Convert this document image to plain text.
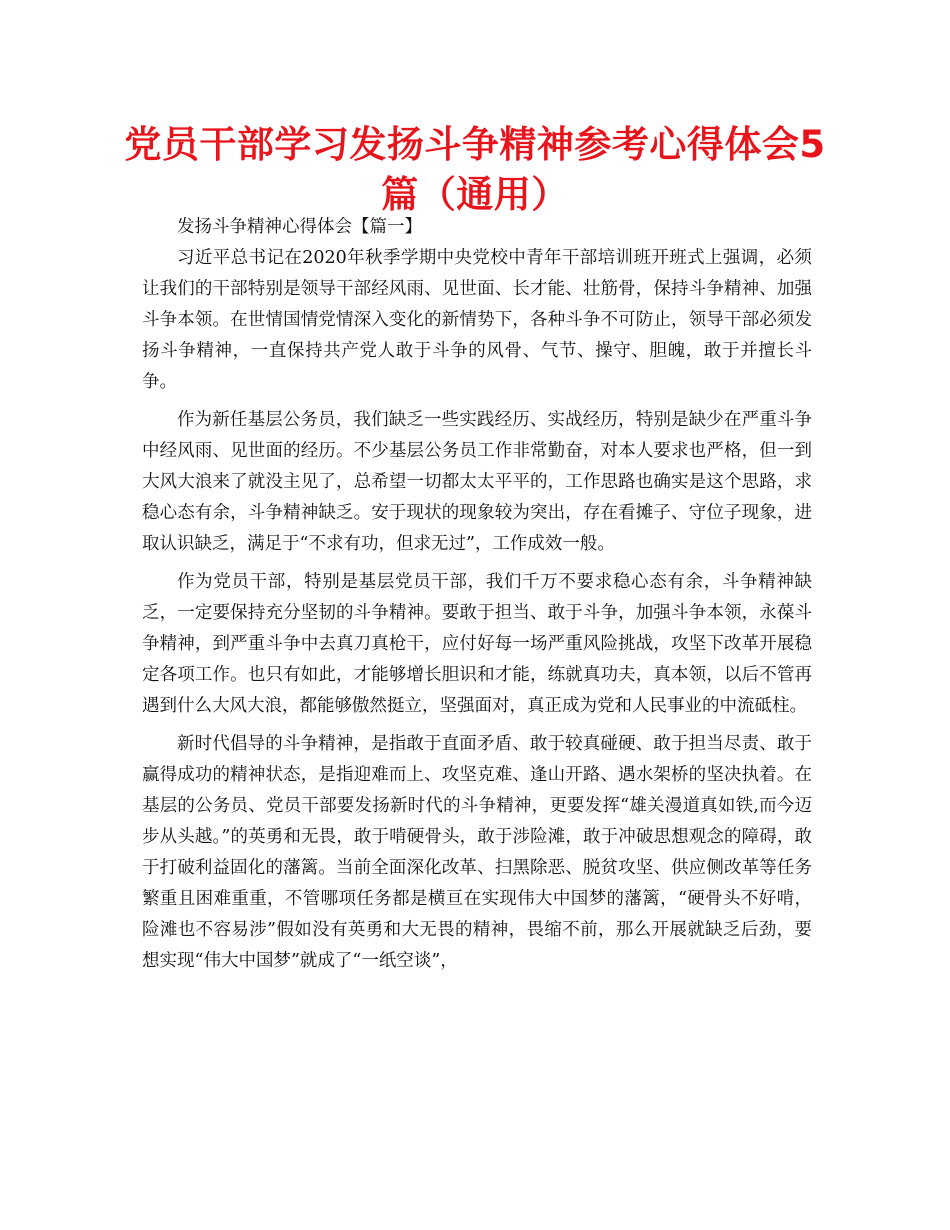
党员干部学习发扬斗争精神参考心得体会5篇（通用）

发扬斗争精神心得体会【篇一】

习近平总书记在2020年秋季学期中央党校中青年干部培训班开班式上强调，必须让我们的干部特别是领导干部经风雨、见世面、长才能、壮筋骨，保持斗争精神、加强斗争本领。在世情国情党情深入变化的新情势下，各种斗争不可防止，领导干部必须发扬斗争精神，一直保持共产党人敢于斗争的风骨、气节、操守、胆魄，敢于并擅长斗争。

作为新任基层公务员，我们缺乏一些实践经历、实战经历，特别是缺少在严重斗争中经风雨、见世面的经历。不少基层公务员工作非常勤奋，对本人要求也严格，但一到大风大浪来了就没主见了，总希望一切都太太平平的，工作思路也确实是这个思路，求稳心态有余，斗争精神缺乏。安于现状的现象较为突出，存在看摊子、守位子现象，进取认识缺乏，满足于“不求有功，但求无过”，工作成效一般。

作为党员干部，特别是基层党员干部，我们千万不要求稳心态有余，斗争精神缺乏，一定要保持充分坚韧的斗争精神。要敢于担当、敢于斗争，加强斗争本领，永葆斗争精神，到严重斗争中去真刀真枪干，应付好每一场严重风险挑战，攻坚下改革开展稳定各项工作。也只有如此，才能够增长胆识和才能，练就真功夫，真本领，以后不管再遇到什么大风大浪，都能够傲然挺立，坚强面对，真正成为党和人民事业的中流砥柱。

新时代倡导的斗争精神，是指敢于直面矛盾、敢于较真碰硬、敢于担当尽责、敢于赢得成功的精神状态，是指迎难而上、攻坚克难、逢山开路、遇水架桥的坚决执着。在基层的公务员、党员干部要发扬新时代的斗争精神，更要发挥“雄关漫道真如铁,而今迈步从头越。”的英勇和无畏，敢于啃硬骨头，敢于涉险滩，敢于冲破思想观念的障碍，敢于打破利益固化的藩篱。当前全面深化改革、扫黑除恶、脱贫攻坚、供应侧改革等任务繁重且困难重重，不管哪项任务都是横亘在实现伟大中国梦的藩篱，“硬骨头不好啃，险滩也不容易涉”假如没有英勇和大无畏的精神，畏缩不前，那么开展就缺乏后劲，要想实现“伟大中国梦”就成了“一纸空谈”，
